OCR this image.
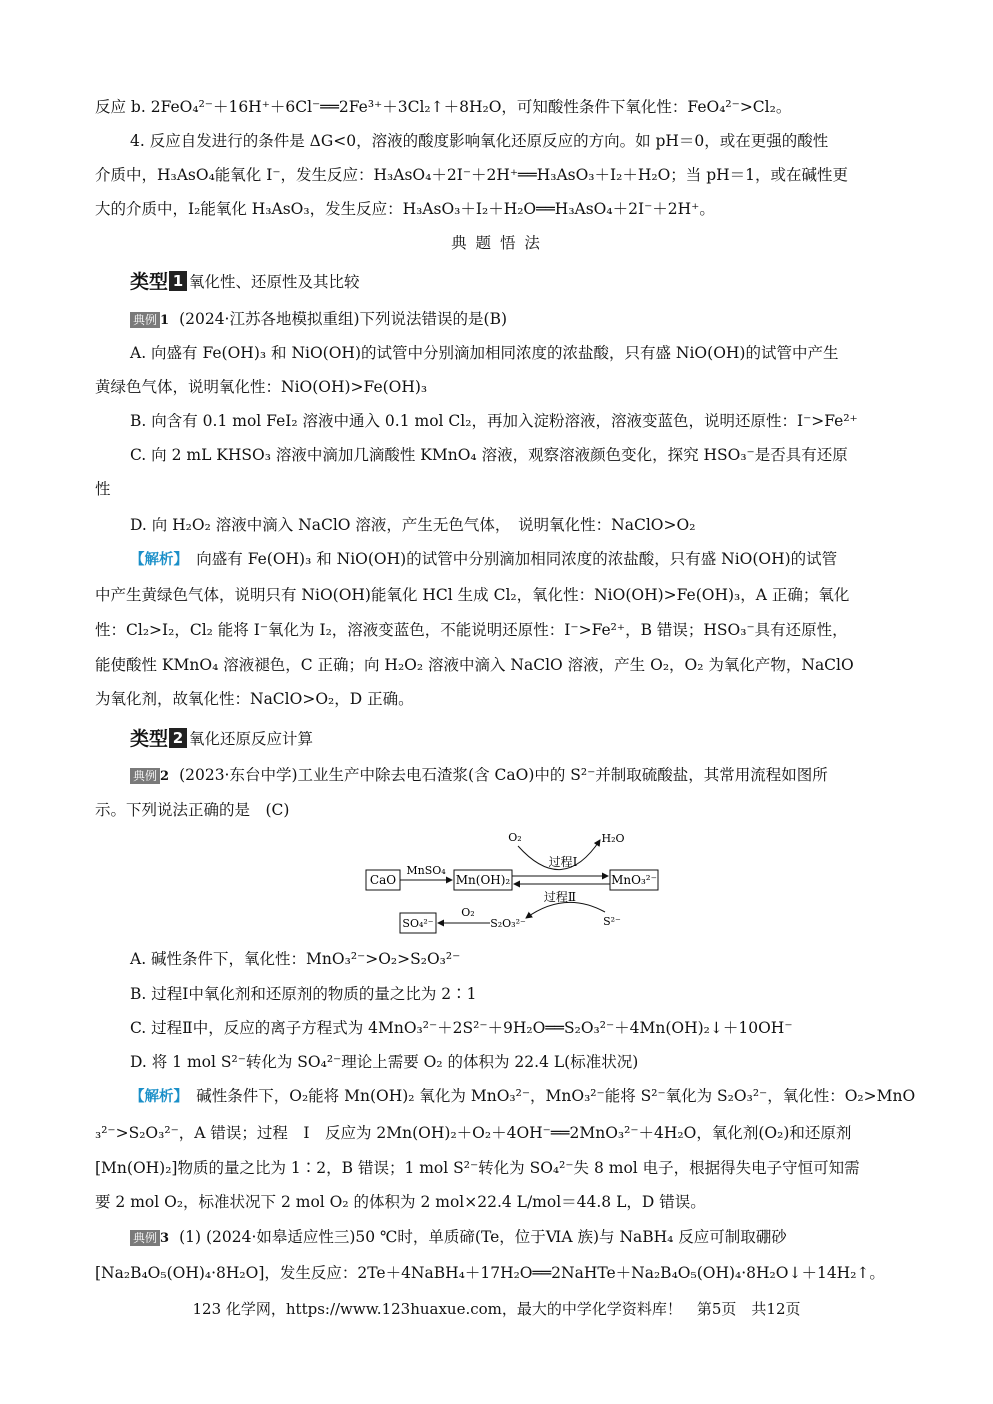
反应 b. 2FeO₄²⁻＋16H⁺＋6Cl⁻══2Fe³⁺＋3Cl₂↑＋8H₂O，可知酸性条件下氧化性：FeO₄²⁻>Cl₂。
4. 反应自发进行的条件是 ΔG<0，溶液的酸度影响氧化还原反应的方向。如 pH＝0，或在更强的酸性
介质中，H₃AsO₄能氧化 I⁻，发生反应：H₃AsO₄＋2I⁻＋2H⁺══H₃AsO₃＋I₂＋H₂O；当 pH＝1，或在碱性更
大的介质中，I₂能氧化 H₃AsO₃，发生反应：H₃AsO₃＋I₂＋H₂O══H₃AsO₄＋2I⁻＋2H⁺。
典 题 悟 法
类型 1 氧化性、还原性及其比较
典例 1 (2024·江苏各地模拟重组)下列说法错误的是(B)
A. 向盛有 Fe(OH)₃ 和 NiO(OH)的试管中分别滴加相同浓度的浓盐酸，只有盛 NiO(OH)的试管中产生
黄绿色气体，说明氧化性：NiO(OH)>Fe(OH)₃
B. 向含有 0.1 mol FeI₂ 溶液中通入 0.1 mol Cl₂，再加入淀粉溶液，溶液变蓝色，说明还原性：I⁻>Fe²⁺
C. 向 2 mL KHSO₃ 溶液中滴加几滴酸性 KMnO₄ 溶液，观察溶液颜色变化，探究 HSO₃⁻是否具有还原
性
D. 向 H₂O₂ 溶液中滴入 NaClO 溶液，产生无色气体，　说明氧化性：NaClO>O₂
【解析】　 向盛有 Fe(OH)₃ 和 NiO(OH)的试管中分别滴加相同浓度的浓盐酸，只有盛 NiO(OH)的试管
中产生黄绿色气体，说明只有 NiO(OH)能氧化 HCl 生成 Cl₂，氧化性：NiO(OH)>Fe(OH)₃，A 正确；氧化
性：Cl₂>I₂，Cl₂ 能将 I⁻氧化为 I₂，溶液变蓝色，不能说明还原性：I⁻>Fe²⁺，B 错误；HSO₃⁻具有还原性，
能使酸性 KMnO₄ 溶液褪色，C 正确；向 H₂O₂ 溶液中滴入 NaClO 溶液，产生 O₂，O₂ 为氧化产物，NaClO
为氧化剂，故氧化性：NaClO>O₂，D 正确。
类型 2 氧化还原反应计算
典例 2 (2023·东台中学)工业生产中除去电石渣浆(含 CaO)中的 S²⁻并制取硫酸盐，其常用流程如图所
示。下列说法正确的是　(C)
CaO
MnSO₄
Mn(OH)₂	MnO₃²⁻
O₂	H₂O
过程Ⅰ
过程Ⅱ
S²⁻
S₂O₃²⁻
O₂
SO₄²⁻
A. 碱性条件下，氧化性：MnO₃²⁻>O₂>S₂O₃²⁻
B. 过程Ⅰ中氧化剂和还原剂的物质的量之比为 2∶1
C. 过程Ⅱ中，反应的离子方程式为 4MnO₃²⁻＋2S²⁻＋9H₂O══S₂O₃²⁻＋4Mn(OH)₂↓＋10OH⁻
D. 将 1 mol S²⁻转化为 SO₄²⁻理论上需要 O₂ 的体积为 22.4 L(标准状况)
【解析】　 碱性条件下，O₂能将 Mn(OH)₂ 氧化为 MnO₃²⁻，MnO₃²⁻能将 S²⁻氧化为 S₂O₃²⁻，氧化性：O₂>MnO
₃²⁻>S₂O₃²⁻，A 错误；过程　Ⅰ　反应为 2Mn(OH)₂＋O₂＋4OH⁻══2MnO₃²⁻＋4H₂O，氧化剂(O₂)和还原剂
[Mn(OH)₂]物质的量之比为 1∶2，B 错误；1 mol S²⁻转化为 SO₄²⁻失 8 mol 电子，根据得失电子守恒可知需
要 2 mol O₂，标准状况下 2 mol O₂ 的体积为 2 mol×22.4 L/mol＝44.8 L，D 错误。
典例 3 (1) (2024·如皋适应性三)50 ℃时，单质碲(Te，位于ⅥA 族)与 NaBH₄ 反应可制取硼砂
[Na₂B₄O₅(OH)₄·8H₂O]，发生反应：2Te＋4NaBH₄＋17H₂O══2NaHTe＋Na₂B₄O₅(OH)₄·8H₂O↓＋14H₂↑。
123 化学网，https://www.123huaxue.com，最大的中学化学资料库！　第5页　共12页
